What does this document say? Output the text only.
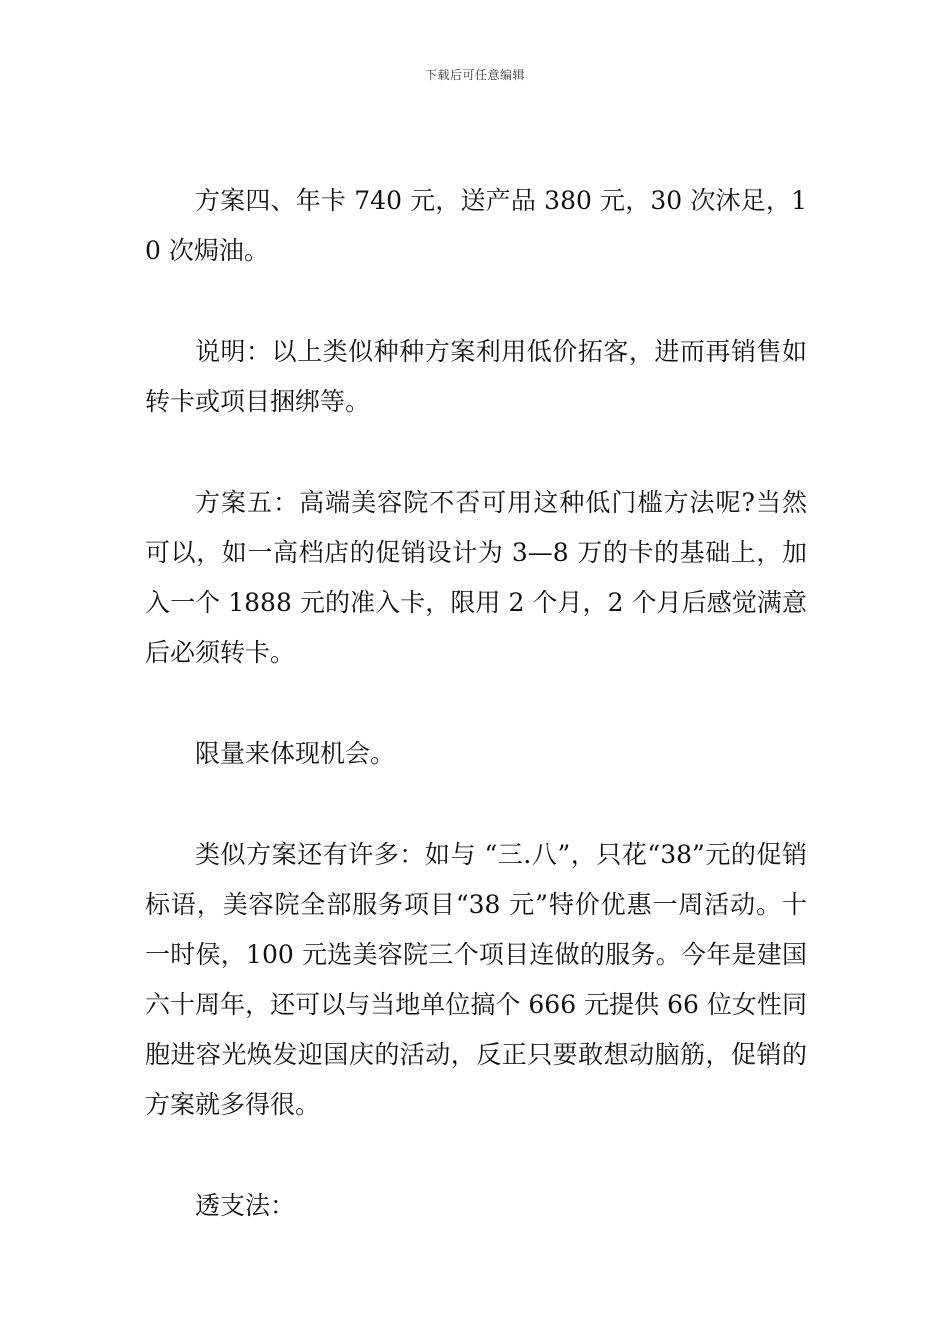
下载后可任意编辑

方案四、年卡 740 元，送产品 380 元，30 次沐足，10 次焗油。

说明：以上类似种种方案利用低价拓客，进而再销售如转卡或项目捆绑等。

方案五：高端美容院不否可用这种低门槛方法呢?当然可以，如一高档店的促销设计为 3—8 万的卡的基础上，加入一个 1888 元的准入卡，限用 2 个月，2 个月后感觉满意后必须转卡。

限量来体现机会。

类似方案还有许多：如与 “三.八”，只花“38”元的促销标语，美容院全部服务项目“38 元”特价优惠一周活动。十一时侯，100 元选美容院三个项目连做的服务。今年是建国六十周年，还可以与当地单位搞个 666 元提供 66 位女性同胞进容光焕发迎国庆的活动，反正只要敢想动脑筋，促销的方案就多得很。

透支法：
